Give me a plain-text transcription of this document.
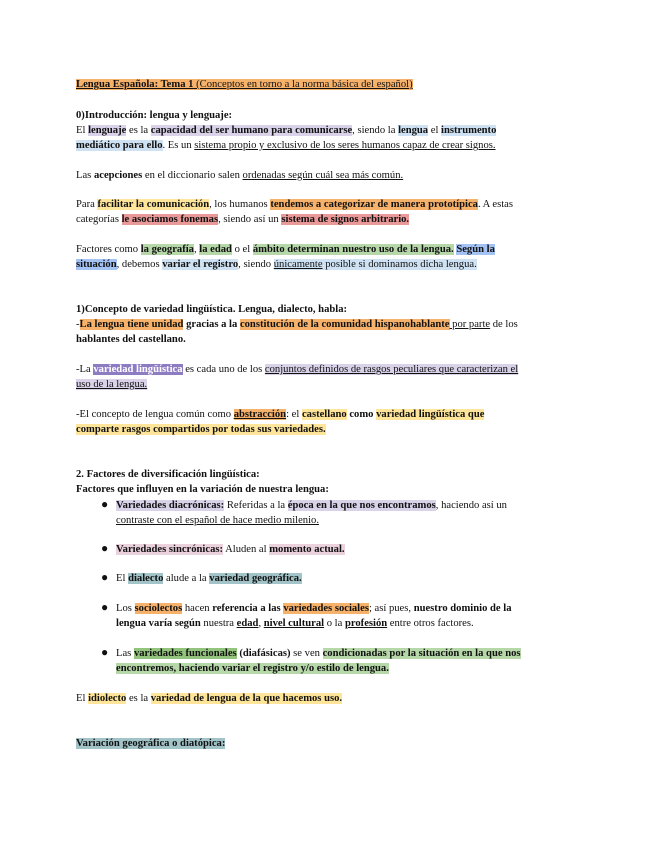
Lengua Española: Tema 1 (Conceptos en torno a la norma básica del español)
0)Introducción: lengua y lenguaje:
El lenguaje es la capacidad del ser humano para comunicarse, siendo la lengua el instrumento
mediático para ello. Es un sistema propio y exclusivo de los seres humanos capaz de crear signos.
Las acepciones en el diccionario salen ordenadas según cuál sea más común.
Para facilitar la comunicación, los humanos tendemos a categorizar de manera prototípica. A estas
categorías le asociamos fonemas, siendo así un sistema de signos arbitrario.
Factores como la geografía, la edad o el ámbito determinan nuestro uso de la lengua. Según la
situación, debemos variar el registro, siendo únicamente posible si dominamos dicha lengua.
1)Concepto de variedad lingüística. Lengua, dialecto, habla:
-La lengua tiene unidad gracias a la constitución de la comunidad hispanohablante por parte de los
hablantes del castellano.
-La variedad lingüística es cada uno de los conjuntos definidos de rasgos peculiares que caracterizan el
uso de la lengua.
-El concepto de lengua común como abstracción: el castellano como variedad lingüística que
comparte rasgos compartidos por todas sus variedades.
2. Factores de diversificación lingüística:
Factores que influyen en la variación de nuestra lengua:
Variedades diacrónicas: Referidas a la época en la que nos encontramos, haciendo así un
contraste con el español de hace medio milenio.
Variedades sincrónicas: Aluden al momento actual.
El dialecto alude a la variedad geográfica.
Los sociolectos hacen referencia a las variedades sociales; así pues, nuestro dominio de la
lengua varía según nuestra edad, nivel cultural o la profesión entre otros factores.
Las variedades funcionales (diafásicas) se ven condicionadas por la situación en la que nos
encontremos, haciendo variar el registro y/o estilo de lengua.
●
●
●
●
●
El idiolecto es la variedad de lengua de la que hacemos uso.
Variación geográfica o diatópica:
